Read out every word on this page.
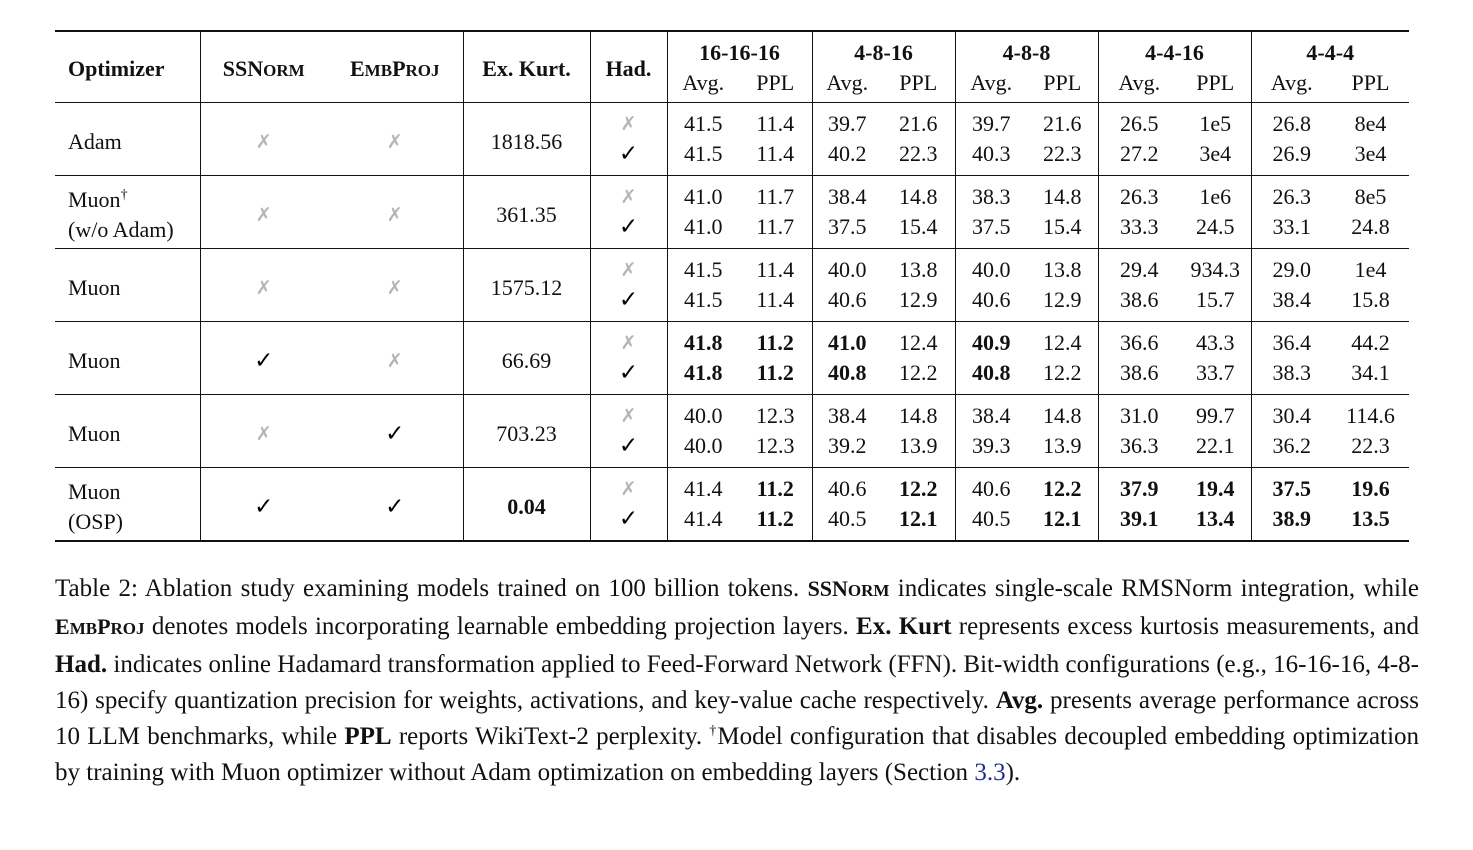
Optimizer	SSNORM	EMBPROJ	Ex. Kurt.	Had.	16-16-16		4-8-16		4-8-8		4-4-16		4-4-4	
					Avg.	PPL	Avg.	PPL	Avg.	PPL	Avg.	PPL	Avg.	PPL
Adam	✗	✗	1818.56	✗	41.5	11.4	39.7	21.6	39.7	21.6	26.5	1e5	26.8	8e4
				✓	41.5	11.4	40.2	22.3	40.3	22.3	27.2	3e4	26.9	3e4
Muon†
(w/o Adam)	✗	✗	361.35	✗	41.0	11.7	38.4	14.8	38.3	14.8	26.3	1e6	26.3	8e5
				✓	41.0	11.7	37.5	15.4	37.5	15.4	33.3	24.5	33.1	24.8
Muon	✗	✗	1575.12	✗	41.5	11.4	40.0	13.8	40.0	13.8	29.4	934.3	29.0	1e4
				✓	41.5	11.4	40.6	12.9	40.6	12.9	38.6	15.7	38.4	15.8
Muon	✓	✗	66.69	✗	41.8	11.2	41.0	12.4	40.9	12.4	36.6	43.3	36.4	44.2
				✓	41.8	11.2	40.8	12.2	40.8	12.2	38.6	33.7	38.3	34.1
Muon	✗	✓	703.23	✗	40.0	12.3	38.4	14.8	38.4	14.8	31.0	99.7	30.4	114.6
				✓	40.0	12.3	39.2	13.9	39.3	13.9	36.3	22.1	36.2	22.3
Muon
(OSP)	✓	✓	0.04	✗	41.4	11.2	40.6	12.2	40.6	12.2	37.9	19.4	37.5	19.6
				✓	41.4	11.2	40.5	12.1	40.5	12.1	39.1	13.4	38.9	13.5

Table 2: Ablation study examining models trained on 100 billion tokens. SSNORM indicates single-scale RMSNorm integration, while EMBPROJ denotes models incorporating learnable embedding projection layers. Ex. Kurt represents excess kurtosis measurements, and Had. indicates online Hadamard transformation applied to Feed-Forward Network (FFN). Bit-width configurations (e.g., 16-16-16, 4-8-16) specify quantization precision for weights, activations, and key-value cache respectively. Avg. presents average performance across 10 LLM benchmarks, while PPL reports WikiText-2 perplexity. †Model configuration that disables decoupled embedding optimization by training with Muon optimizer without Adam optimization on embedding layers (Section 3.3).
